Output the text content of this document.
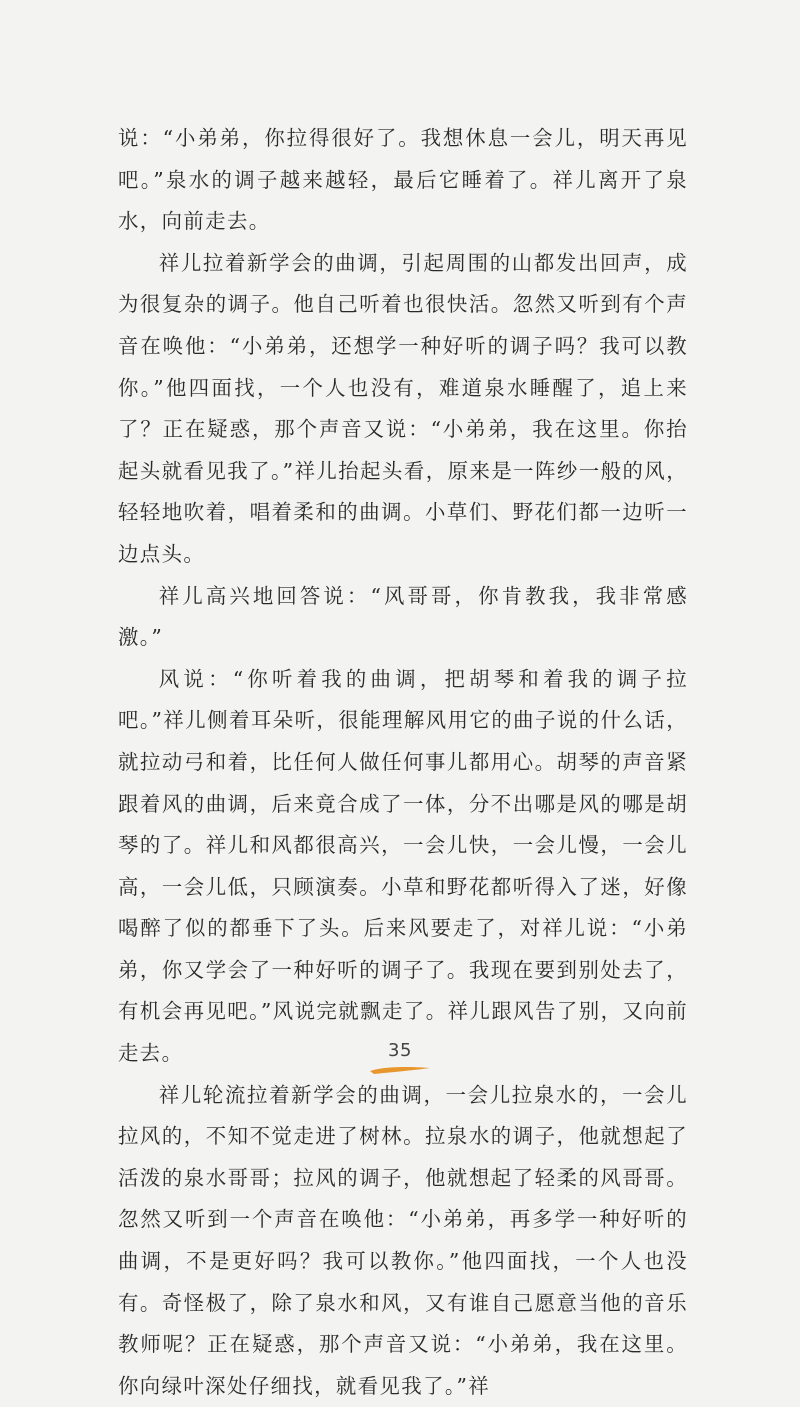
说：“小弟弟，你拉得很好了。我想休息一会儿，明天再见吧。”泉水的调子越来越轻，最后它睡着了。祥儿离开了泉水，向前走去。

祥儿拉着新学会的曲调，引起周围的山都发出回声，成为很复杂的调子。他自己听着也很快活。忽然又听到有个声音在唤他：“小弟弟，还想学一种好听的调子吗？我可以教你。”他四面找，一个人也没有，难道泉水睡醒了，追上来了？正在疑惑，那个声音又说：“小弟弟，我在这里。你抬起头就看见我了。”祥儿抬起头看，原来是一阵纱一般的风，轻轻地吹着，唱着柔和的曲调。小草们、野花们都一边听一边点头。

祥儿高兴地回答说：“风哥哥，你肯教我，我非常感激。”

风说：“你听着我的曲调，把胡琴和着我的调子拉吧。”祥儿侧着耳朵听，很能理解风用它的曲子说的什么话，就拉动弓和着，比任何人做任何事儿都用心。胡琴的声音紧跟着风的曲调，后来竟合成了一体，分不出哪是风的哪是胡琴的了。祥儿和风都很高兴，一会儿快，一会儿慢，一会儿高，一会儿低，只顾演奏。小草和野花都听得入了迷，好像喝醉了似的都垂下了头。后来风要走了，对祥儿说：“小弟弟，你又学会了一种好听的调子了。我现在要到别处去了，有机会再见吧。”风说完就飘走了。祥儿跟风告了别，又向前走去。

祥儿轮流拉着新学会的曲调，一会儿拉泉水的，一会儿拉风的，不知不觉走进了树林。拉泉水的调子，他就想起了活泼的泉水哥哥；拉风的调子，他就想起了轻柔的风哥哥。忽然又听到一个声音在唤他：“小弟弟，再多学一种好听的曲调，不是更好吗？我可以教你。”他四面找，一个人也没有。奇怪极了，除了泉水和风，又有谁自己愿意当他的音乐教师呢？正在疑惑，那个声音又说：“小弟弟，我在这里。你向绿叶深处仔细找，就看见我了。”祥

35
